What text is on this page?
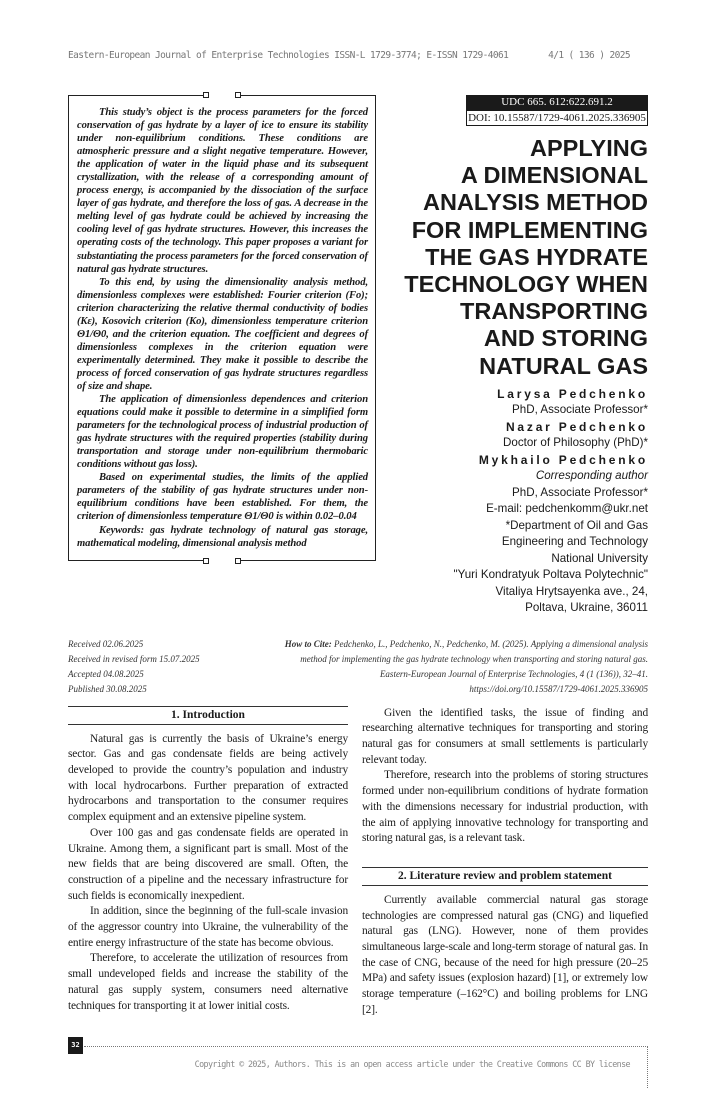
Eastern-European Journal of Enterprise Technologies ISSN-L 1729-3774; E-ISSN 1729-4061	4/1 ( 136 ) 2025

This study’s object is the process parameters for the forced conservation of gas hydrate by a layer of ice to ensure its stability under non-equilibrium conditions. These conditions are atmospheric pressure and a slight negative temperature. However, the application of water in the liquid phase and its subsequent crystallization, with the release of a corresponding amount of process energy, is accompanied by the dissociation of the surface layer of gas hydrate, and therefore the loss of gas. A decrease in the melting level of gas hydrate could be achieved by increasing the cooling level of gas hydrate structures. However, this increases the operating costs of the technology. This paper proposes a variant for substantiating the process parameters for the forced conservation of natural gas hydrate structures.

To this end, by using the dimensionality analysis method, dimensionless complexes were established: Fourier criterion (Fo); criterion characterizing the relative thermal conductivity of bodies (Kε), Kosovich criterion (Ko), dimensionless temperature criterion Θ1/Θ0, and the criterion equation. The coefficient and degrees of dimensionless complexes in the criterion equation were experimentally determined. They make it possible to describe the process of forced conservation of gas hydrate structures regardless of size and shape.

The application of dimensionless dependences and criterion equations could make it possible to determine in a simplified form parameters for the technological process of industrial production of gas hydrate structures with the required properties (stability during transportation and storage under non-equilibrium thermobaric conditions without gas loss).

Based on experimental studies, the limits of the applied parameters of the stability of gas hydrate structures under non-equilibrium conditions have been established. For them, the criterion of dimensionless temperature Θ1/Θ0 is within 0.02–0.04

Keywords: gas hydrate technology of natural gas storage, mathematical modeling, dimensional analysis method

UDC 665. 612:622.691.2
DOI: 10.15587/1729-4061.2025.336905
APPLYING
A DIMENSIONAL
ANALYSIS METHOD
FOR IMPLEMENTING
THE GAS HYDRATE
TECHNOLOGY WHEN
TRANSPORTING
AND STORING
NATURAL GAS
Larysa Pedchenko
PhD, Associate Professor*
Nazar Pedchenko
Doctor of Philosophy (PhD)*
Mykhailo Pedchenko
Corresponding author
PhD, Associate Professor*
E-mail: pedchenkomm@ukr.net
*Department of Oil and Gas
Engineering and Technology
National University
"Yuri Kondratyuk Poltava Polytechnic"
Vitaliya Hrytsayenka ave., 24,
Poltava, Ukraine, 36011
Received 02.06.2025
Received in revised form 15.07.2025
Accepted 04.08.2025
Published 30.08.2025
How to Cite: Pedchenko, L., Pedchenko, N., Pedchenko, M. (2025). Applying a dimensional analysis
method for implementing the gas hydrate technology when transporting and storing natural gas.
Eastern-European Journal of Enterprise Technologies, 4 (1 (136)), 32–41.
https://doi.org/10.15587/1729-4061.2025.336905
1. Introduction

Natural gas is currently the basis of Ukraine’s energy sector. Gas and gas condensate fields are being actively developed to provide the country’s population and industry with local hydrocarbons. Further preparation of extracted hydrocarbons and transportation to the consumer requires complex equipment and an extensive pipeline system.

Over 100 gas and gas condensate fields are operated in Ukraine. Among them, a significant part is small. Most of the new fields that are being discovered are small. Often, the construction of a pipeline and the necessary infrastructure for such fields is economically inexpedient.

In addition, since the beginning of the full-scale invasion of the aggressor country into Ukraine, the vulnerability of the entire energy infrastructure of the state has become obvious.

Therefore, to accelerate the utilization of resources from small undeveloped fields and increase the stability of the natural gas supply system, consumers need alternative techniques for transporting it at lower initial costs.

Given the identified tasks, the issue of finding and researching alternative techniques for transporting and storing natural gas for consumers at small settlements is particularly relevant today.

Therefore, research into the problems of storing structures formed under non-equilibrium conditions of hydrate formation with the dimensions necessary for industrial production, with the aim of applying innovative technology for transporting and storing natural gas, is a relevant task.

2. Literature review and problem statement

Currently available commercial natural gas storage technologies are compressed natural gas (CNG) and liquefied natural gas (LNG). However, none of them provides simultaneous large-scale and long-term storage of natural gas. In the case of CNG, because of the need for high pressure (20–25 MPa) and safety issues (explosion hazard) [1], or extremely low storage temperature (–162°C) and boiling problems for LNG [2].

32
Copyright © 2025, Authors. This is an open access article under the Creative Commons CC BY license
